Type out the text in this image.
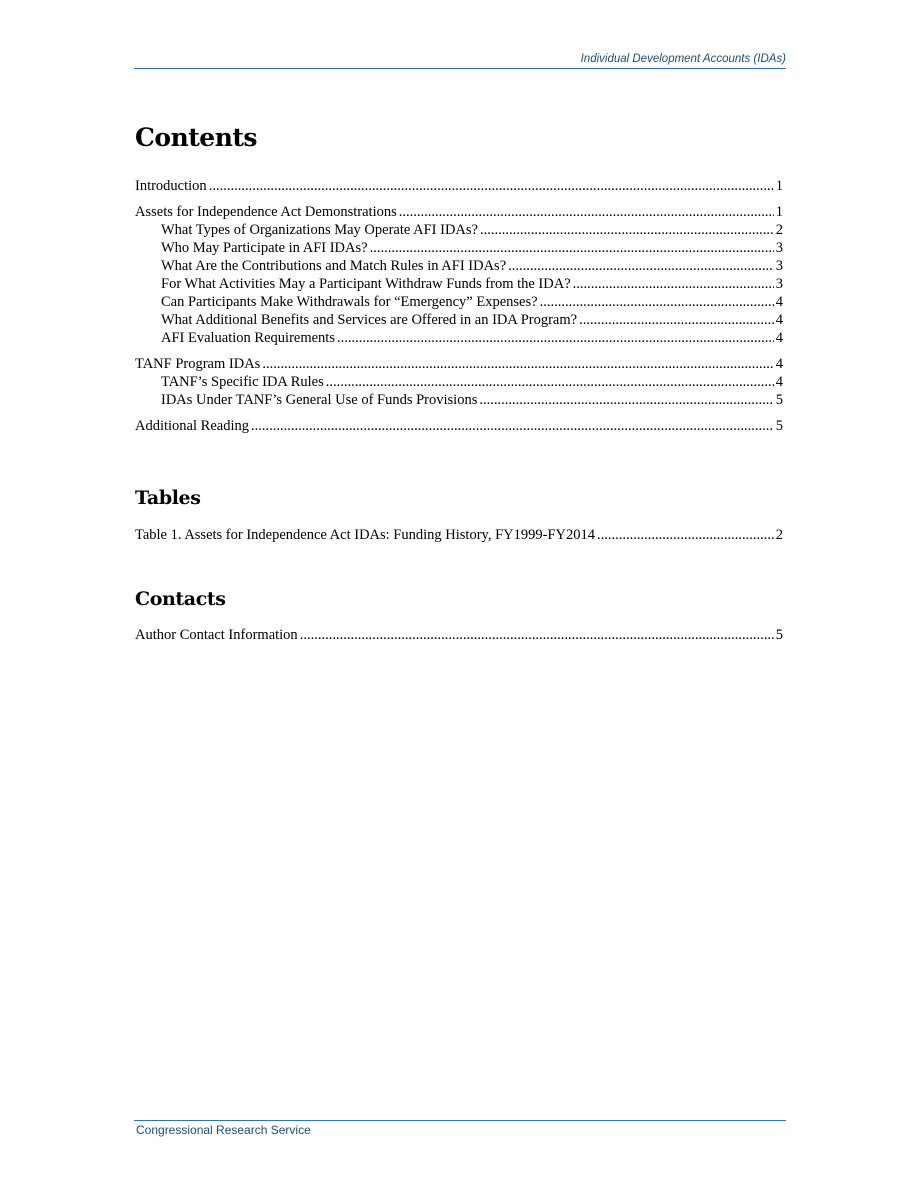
Individual Development Accounts (IDAs)
Contents
Introduction .....	1
Assets for Independence Act Demonstrations .....	1
What Types of Organizations May Operate AFI IDAs? .....	2
Who May Participate in AFI IDAs? .....	3
What Are the Contributions and Match Rules in AFI IDAs? .....	3
For What Activities May a Participant Withdraw Funds from the IDA? .....	3
Can Participants Make Withdrawals for “Emergency” Expenses? .....	4
What Additional Benefits and Services are Offered in an IDA Program? .....	4
AFI Evaluation Requirements .....	4
TANF Program IDAs .....	4
TANF’s Specific IDA Rules .....	4
IDAs Under TANF’s General Use of Funds Provisions .....	5
Additional Reading .....	5
Tables
Table 1. Assets for Independence Act IDAs: Funding History, FY1999-FY2014 .....	2
Contacts
Author Contact Information .....	5
Congressional Research Service
